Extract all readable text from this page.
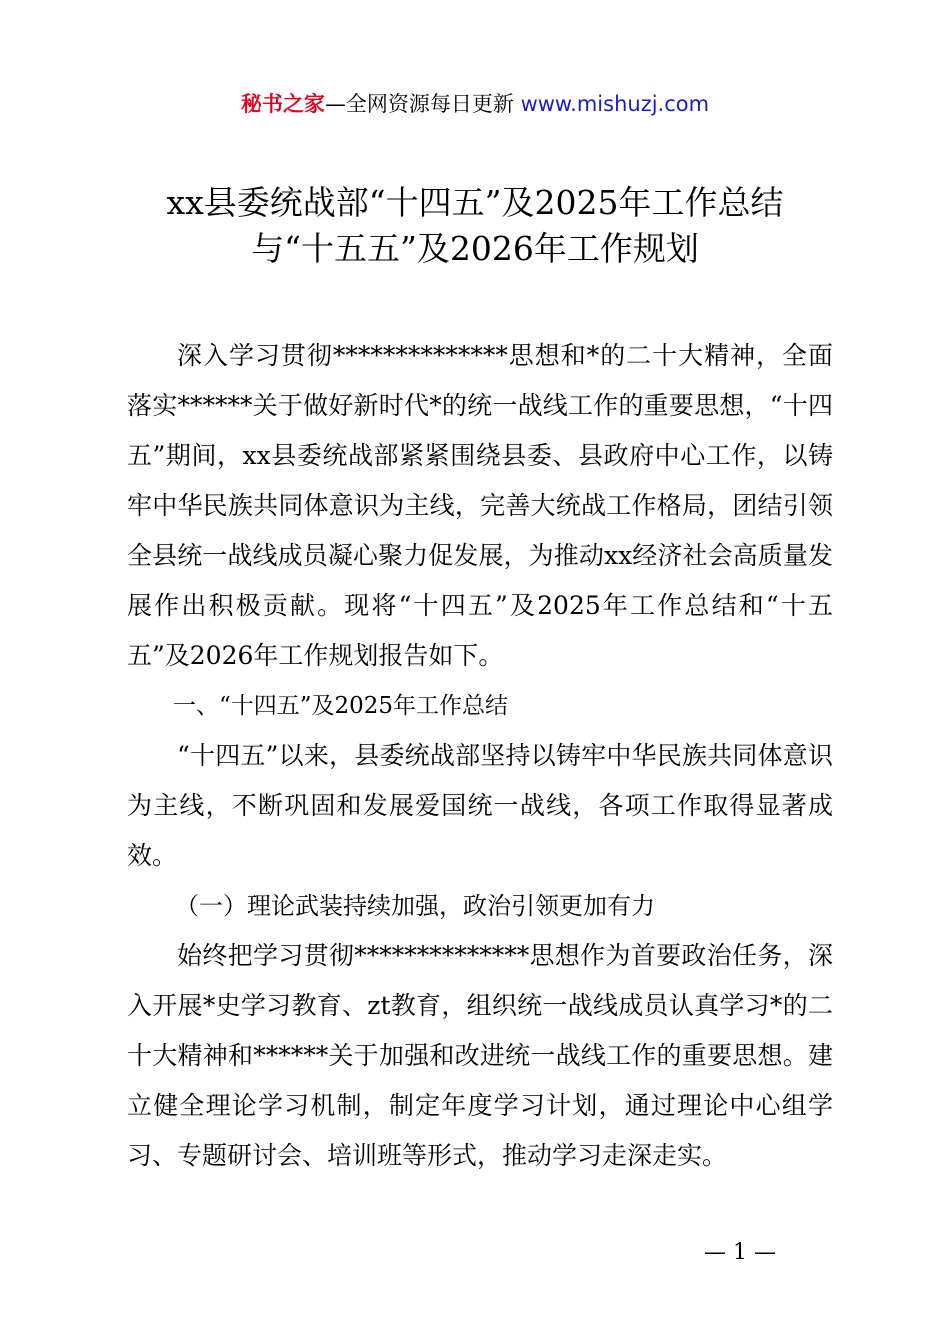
秘书之家—全网资源每日更新 www.mishuzj.com
xx县委统战部“十四五”及2025年工作总结
与“十五五”及2026年工作规划

深入学习贯彻**************思想和*的二十大精神，全面落实******关于做好新时代*的统一战线工作的重要思想，“十四五”期间，xx县委统战部紧紧围绕县委、县政府中心工作，以铸牢中华民族共同体意识为主线，完善大统战工作格局，团结引领全县统一战线成员凝心聚力促发展，为推动xx经济社会高质量发展作出积极贡献。现将“十四五”及2025年工作总结和“十五五”及2026年工作规划报告如下。

一、“十四五”及2025年工作总结

“十四五”以来，县委统战部坚持以铸牢中华民族共同体意识为主线，不断巩固和发展爱国统一战线，各项工作取得显著成效。

（一）理论武装持续加强，政治引领更加有力

始终把学习贯彻**************思想作为首要政治任务，深入开展*史学习教育、zt教育，组织统一战线成员认真学习*的二十大精神和******关于加强和改进统一战线工作的重要思想。建立健全理论学习机制，制定年度学习计划，通过理论中心组学习、专题研讨会、培训班等形式，推动学习走深走实。

— 1 —
